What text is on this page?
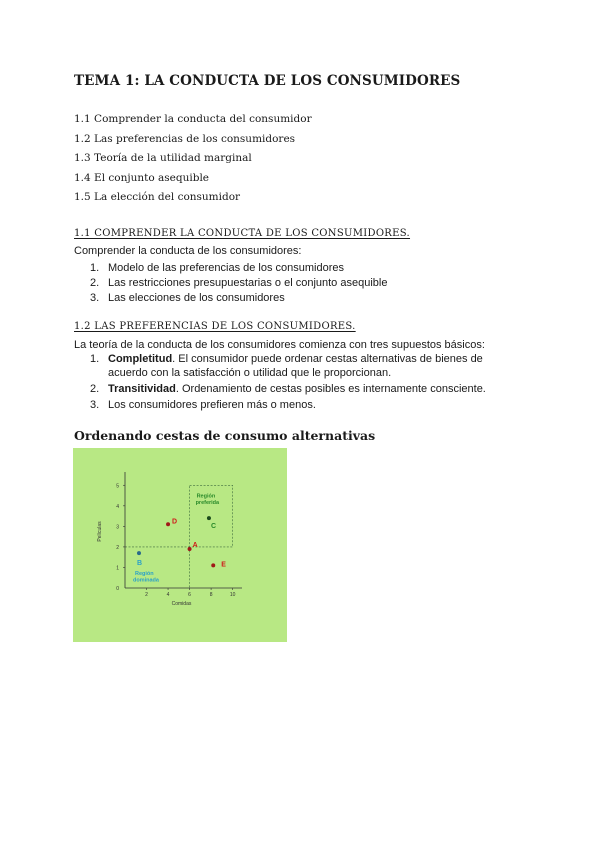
TEMA 1: LA CONDUCTA DE LOS CONSUMIDORES
1.1 Comprender la conducta del consumidor
1.2 Las preferencias de los consumidores
1.3 Teoría de la utilidad marginal
1.4 El conjunto asequible
1.5 La elección del consumidor
1.1 COMPRENDER LA CONDUCTA DE LOS CONSUMIDORES.
Comprender la conducta de los consumidores:
1. Modelo de las preferencias de los consumidores
2. Las restricciones presupuestarias o el conjunto asequible
3. Las elecciones de los consumidores
1.2 LAS PREFERENCIAS DE LOS CONSUMIDORES.
La teoría de la conducta de los consumidores comienza con tres supuestos básicos:
1. Completitud. El consumidor puede ordenar cestas alternativas de bienes de acuerdo con la satisfacción o utilidad que le proporcionan.
2. Transitividad. Ordenamiento de cestas posibles es internamente consciente.
3. Los consumidores prefieren más o menos.
Ordenando cestas de consumo alternativas
Región preferida
Región dominada
2	4	6	8	10
0
1
2
3
4
5
Comidas
Películas
A
B
C
D
E
